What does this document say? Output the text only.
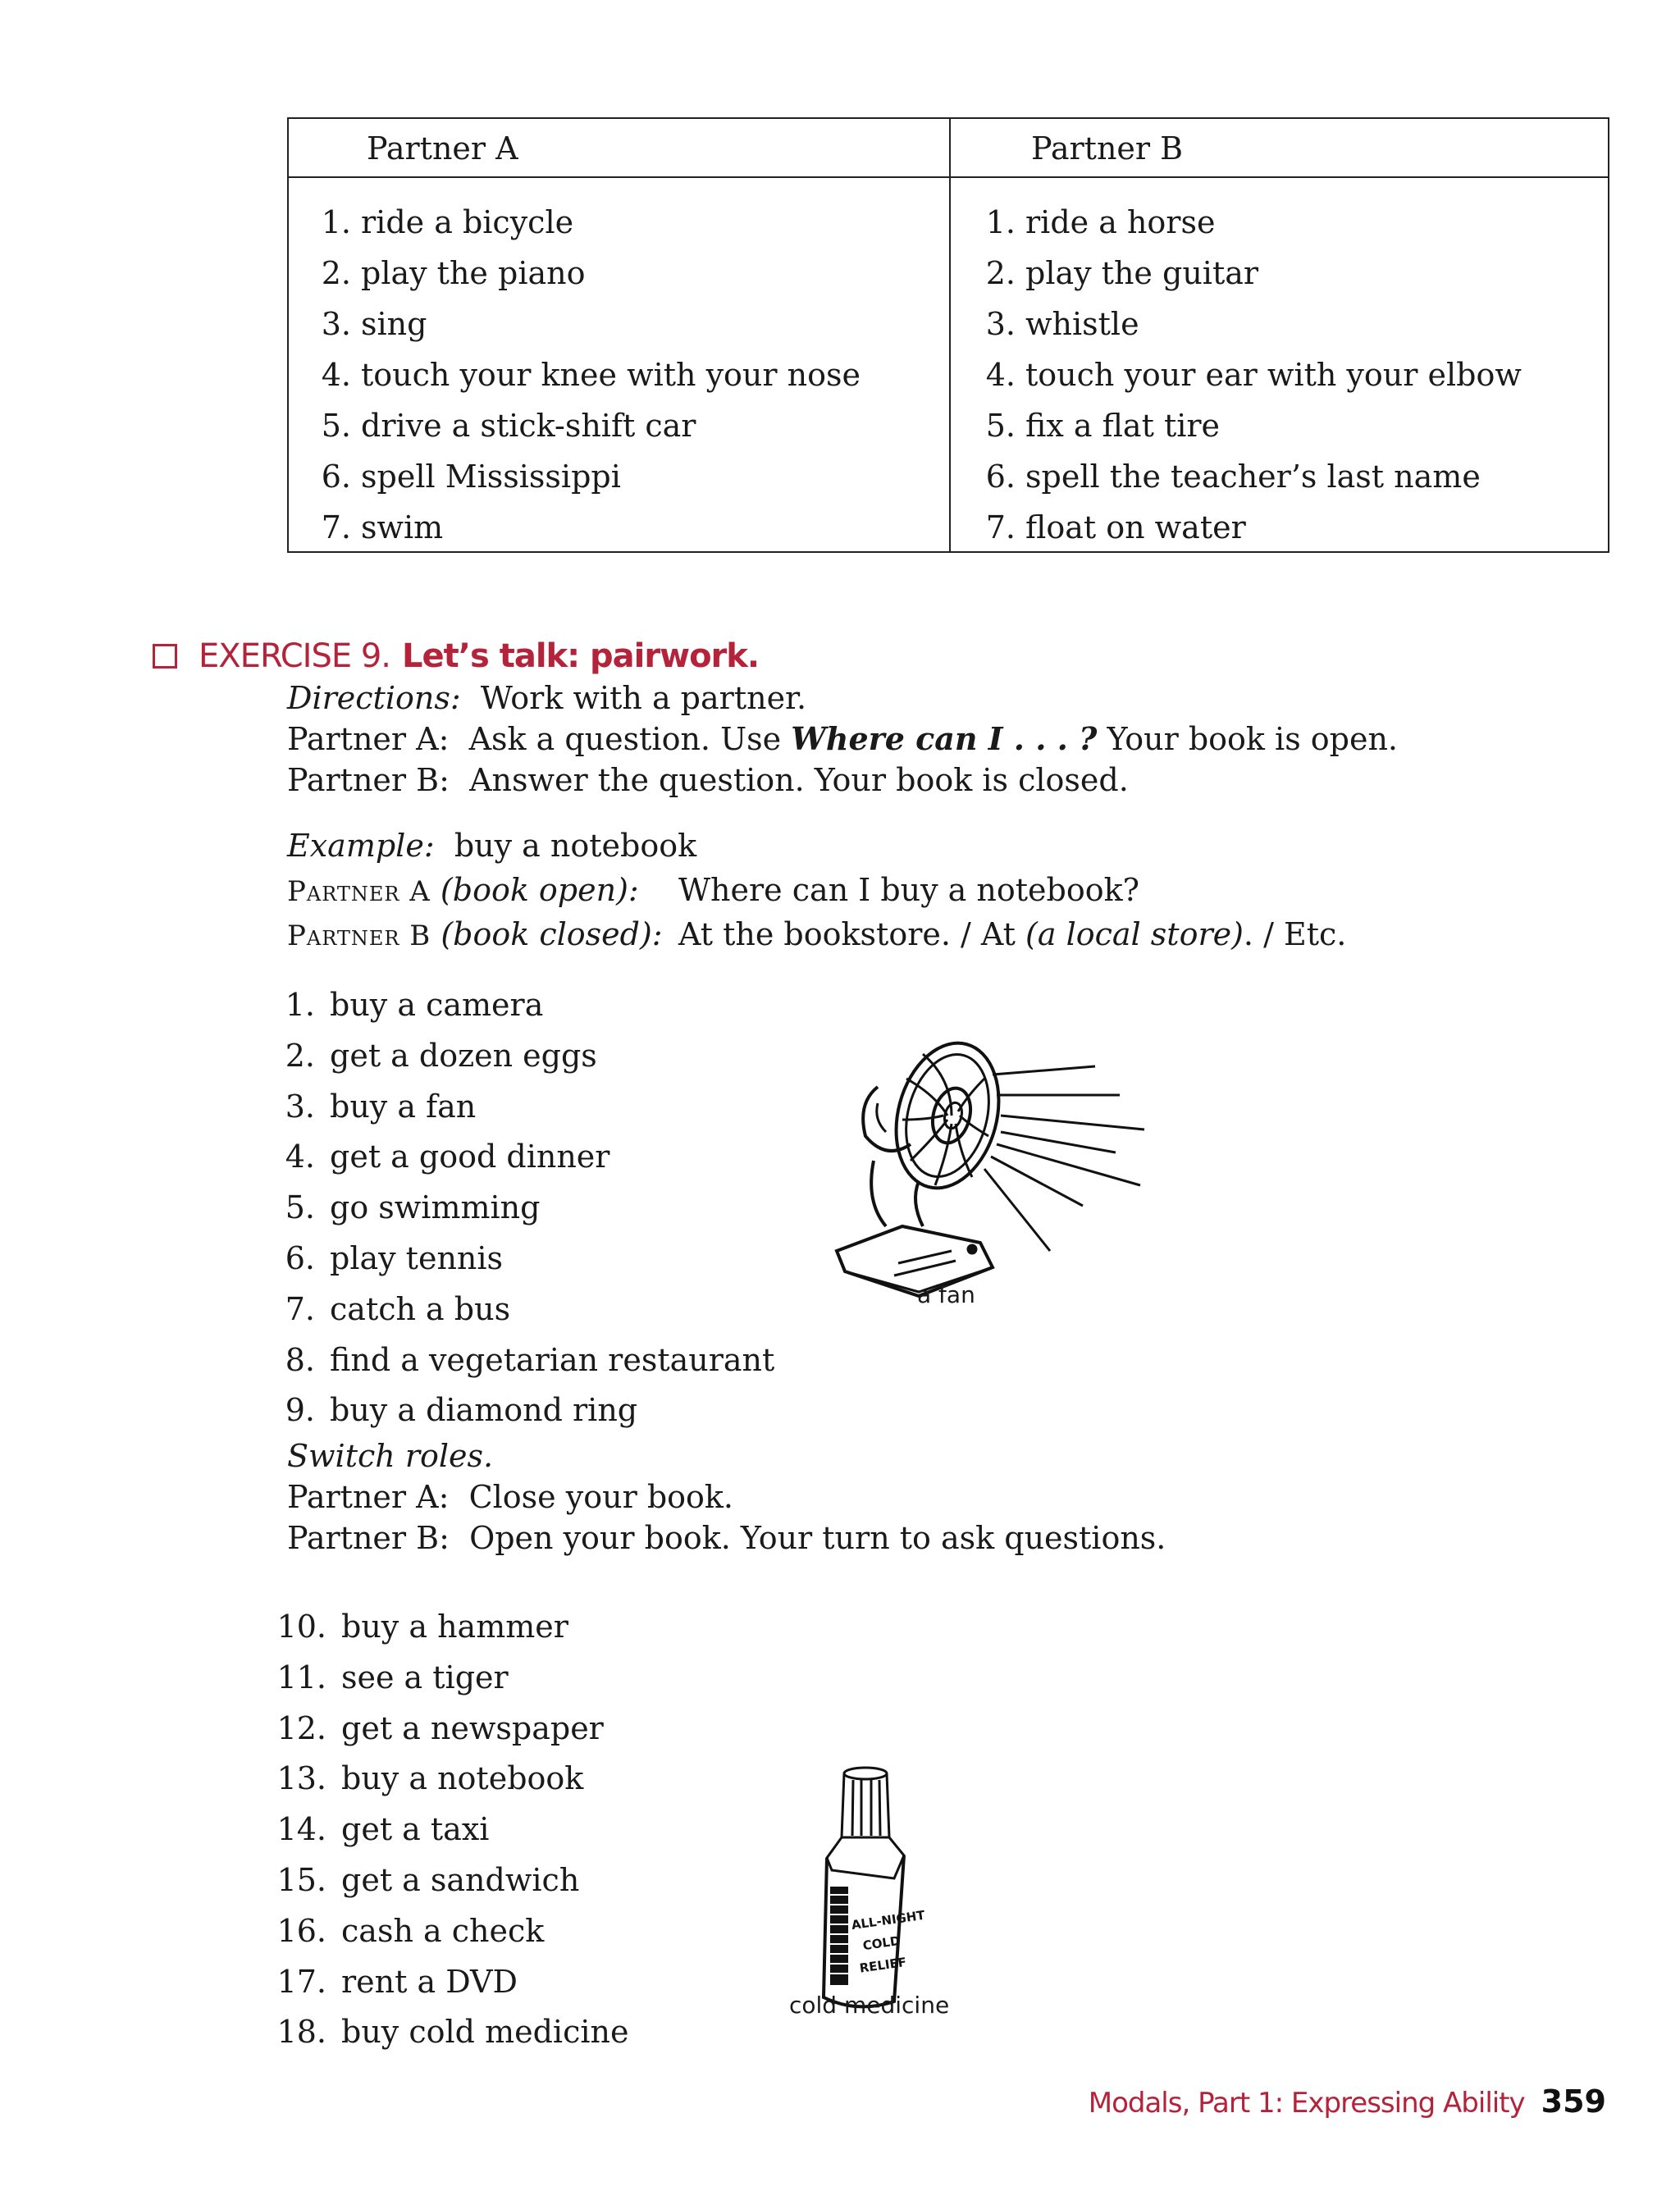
Partner A	Partner B
1. ride a bicycle
2. play the piano
3. sing
4. touch your knee with your nose
5. drive a stick-shift car
6. spell Mississippi
7. swim
1. ride a horse
2. play the guitar
3. whistle
4. touch your ear with your elbow
5. fix a flat tire
6. spell the teacher’s last name
7. float on water
EXERCISE 9. Let’s talk: pairwork.
Directions: Work with a partner.
Partner A: Ask a question. Use Where can I . . . ? Your book is open.
Partner B: Answer the question. Your book is closed.
Example: buy a notebook
Partner A (book open): Where can I buy a notebook?
Partner B (book closed): At the bookstore. / At (a local store). / Etc.
1. buy a camera
2. get a dozen eggs
3. buy a fan
4. get a good dinner
5. go swimming
6. play tennis
7. catch a bus
8. find a vegetarian restaurant
9. buy a diamond ring
a fan
Switch roles.
Partner A: Close your book.
Partner B: Open your book. Your turn to ask questions.
10. buy a hammer
11. see a tiger
12. get a newspaper
13. buy a notebook
14. get a taxi
15. get a sandwich
16. cash a check
17. rent a DVD
18. buy cold medicine
ALL-NIGHT
COLD
RELIEF
cold medicine
Modals, Part 1: Expressing Ability 359
